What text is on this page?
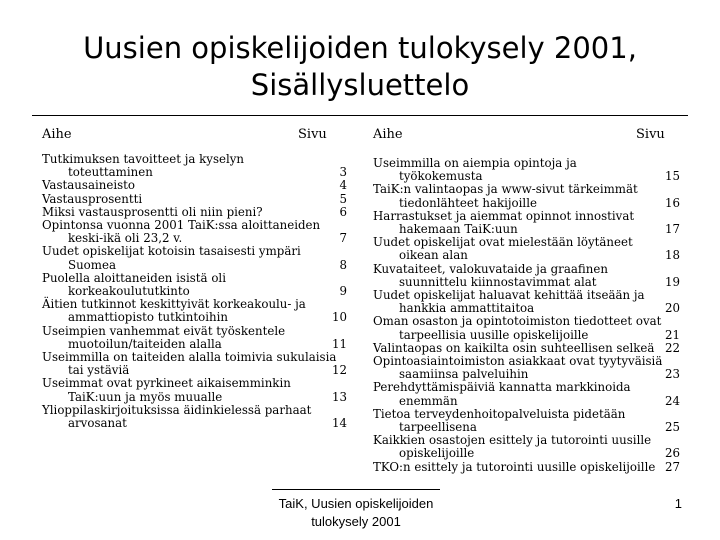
Uusien opiskelijoiden tulokysely 2001,
Sisällysluettelo
Aihe	Sivu	Aihe	Sivu
Tutkimuksen tavoitteet ja kyselyn
toteuttaminen	3
Vastausaineisto	4
Vastausprosentti	5
Miksi vastausprosentti oli niin pieni?	6
Opintonsa vuonna 2001 TaiK:ssa aloittaneiden
keski-ikä oli 23,2 v.	7
Uudet opiskelijat kotoisin tasaisesti ympäri
Suomea	8
Puolella aloittaneiden isistä oli
korkeakoulututkinto	9
Äitien tutkinnot keskittyivät korkeakoulu- ja
ammattiopisto tutkintoihin	10
Useimpien vanhemmat eivät työskentele
muotoilun/taiteiden alalla	11
Useimmilla on taiteiden alalla toimivia sukulaisia
tai ystäviä	12
Useimmat ovat pyrkineet aikaisemminkin
TaiK:uun ja myös muualle	13
Ylioppilaskirjoituksissa äidinkielessä parhaat
arvosanat	14
Useimmilla on aiempia opintoja ja
työkokemusta	15
TaiK:n valintaopas ja www-sivut tärkeimmät
tiedonlähteet hakijoille	16
Harrastukset ja aiemmat opinnot innostivat
hakemaan TaiK:uun	17
Uudet opiskelijat ovat mielestään löytäneet
oikean alan	18
Kuvataiteet, valokuvataide ja graafinen
suunnittelu kiinnostavimmat alat	19
Uudet opiskelijat haluavat kehittää itseään ja
hankkia ammattitaitoa	20
Oman osaston ja opintotoimiston tiedotteet ovat
tarpeellisia uusille opiskelijoille	21
Valintaopas on kaikilta osin suhteellisen selkeä 22
Opintoasiaintoimiston asiakkaat ovat tyytyväisiä
saamiinsa palveluihin	23
Perehdyttämispäiviä kannatta markkinoida
enemmän	24
Tietoa terveydenhoitopalveluista pidetään
tarpeellisena	25
Kaikkien osastojen esittely ja tutorointi uusille
opiskelijoille	26
TKO:n esittely ja tutorointi uusille opiskelijoille 27
TaiK, Uusien opiskelijoiden
tulokysely 2001
1
